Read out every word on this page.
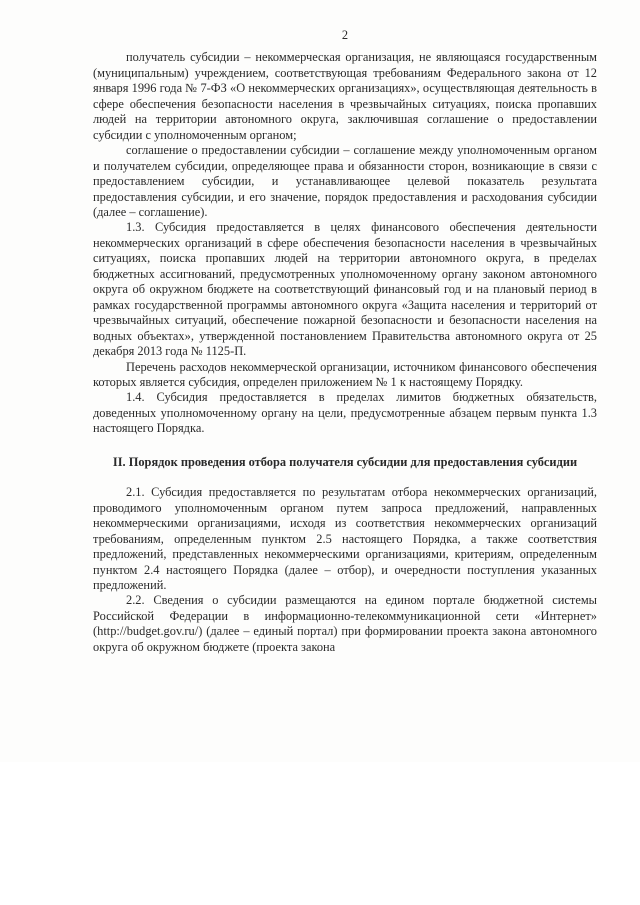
2

получатель субсидии – некоммерческая организация, не являющаяся государственным (муниципальным) учреждением, соответствующая требованиям Федерального закона от 12 января 1996 года № 7-ФЗ «О некоммерческих организациях», осуществляющая деятельность в сфере обеспечения безопасности населения в чрезвычайных ситуациях, поиска пропавших людей на территории автономного округа, заключившая соглашение о предоставлении субсидии с уполномоченным органом;

соглашение о предоставлении субсидии – соглашение между уполномоченным органом и получателем субсидии, определяющее права и обязанности сторон, возникающие в связи с предоставлением субсидии, и устанавливающее целевой показатель результата предоставления субсидии, и его значение, порядок предоставления и расходования субсидии (далее – соглашение).

1.3. Субсидия предоставляется в целях финансового обеспечения деятельности некоммерческих организаций в сфере обеспечения безопасности населения в чрезвычайных ситуациях, поиска пропавших людей на территории автономного округа, в пределах бюджетных ассигнований, предусмотренных уполномоченному органу законом автономного округа об окружном бюджете на соответствующий финансовый год и на плановый период в рамках государственной программы автономного округа «Защита населения и территорий от чрезвычайных ситуаций, обеспечение пожарной безопасности и безопасности населения на водных объектах», утвержденной постановлением Правительства автономного округа от 25 декабря 2013 года № 1125-П.

Перечень расходов некоммерческой организации, источником финансового обеспечения которых является субсидия, определен приложением № 1 к настоящему Порядку.

1.4. Субсидия предоставляется в пределах лимитов бюджетных обязательств, доведенных уполномоченному органу на цели, предусмотренные абзацем первым пункта 1.3 настоящего Порядка.

II. Порядок проведения отбора получателя субсидии для предоставления субсидии

2.1. Субсидия предоставляется по результатам отбора некоммерческих организаций, проводимого уполномоченным органом путем запроса предложений, направленных некоммерческими организациями, исходя из соответствия некоммерческих организаций требованиям, определенным пунктом 2.5 настоящего Порядка, а также соответствия предложений, представленных некоммерческими организациями, критериям, определенным пунктом 2.4 настоящего Порядка (далее – отбор), и очередности поступления указанных предложений.

2.2. Сведения о субсидии размещаются на едином портале бюджетной системы Российской Федерации в информационно-телекоммуникационной сети «Интернет» (http://budget.gov.ru/) (далее – единый портал) при формировании проекта закона автономного округа об окружном бюджете (проекта закона
